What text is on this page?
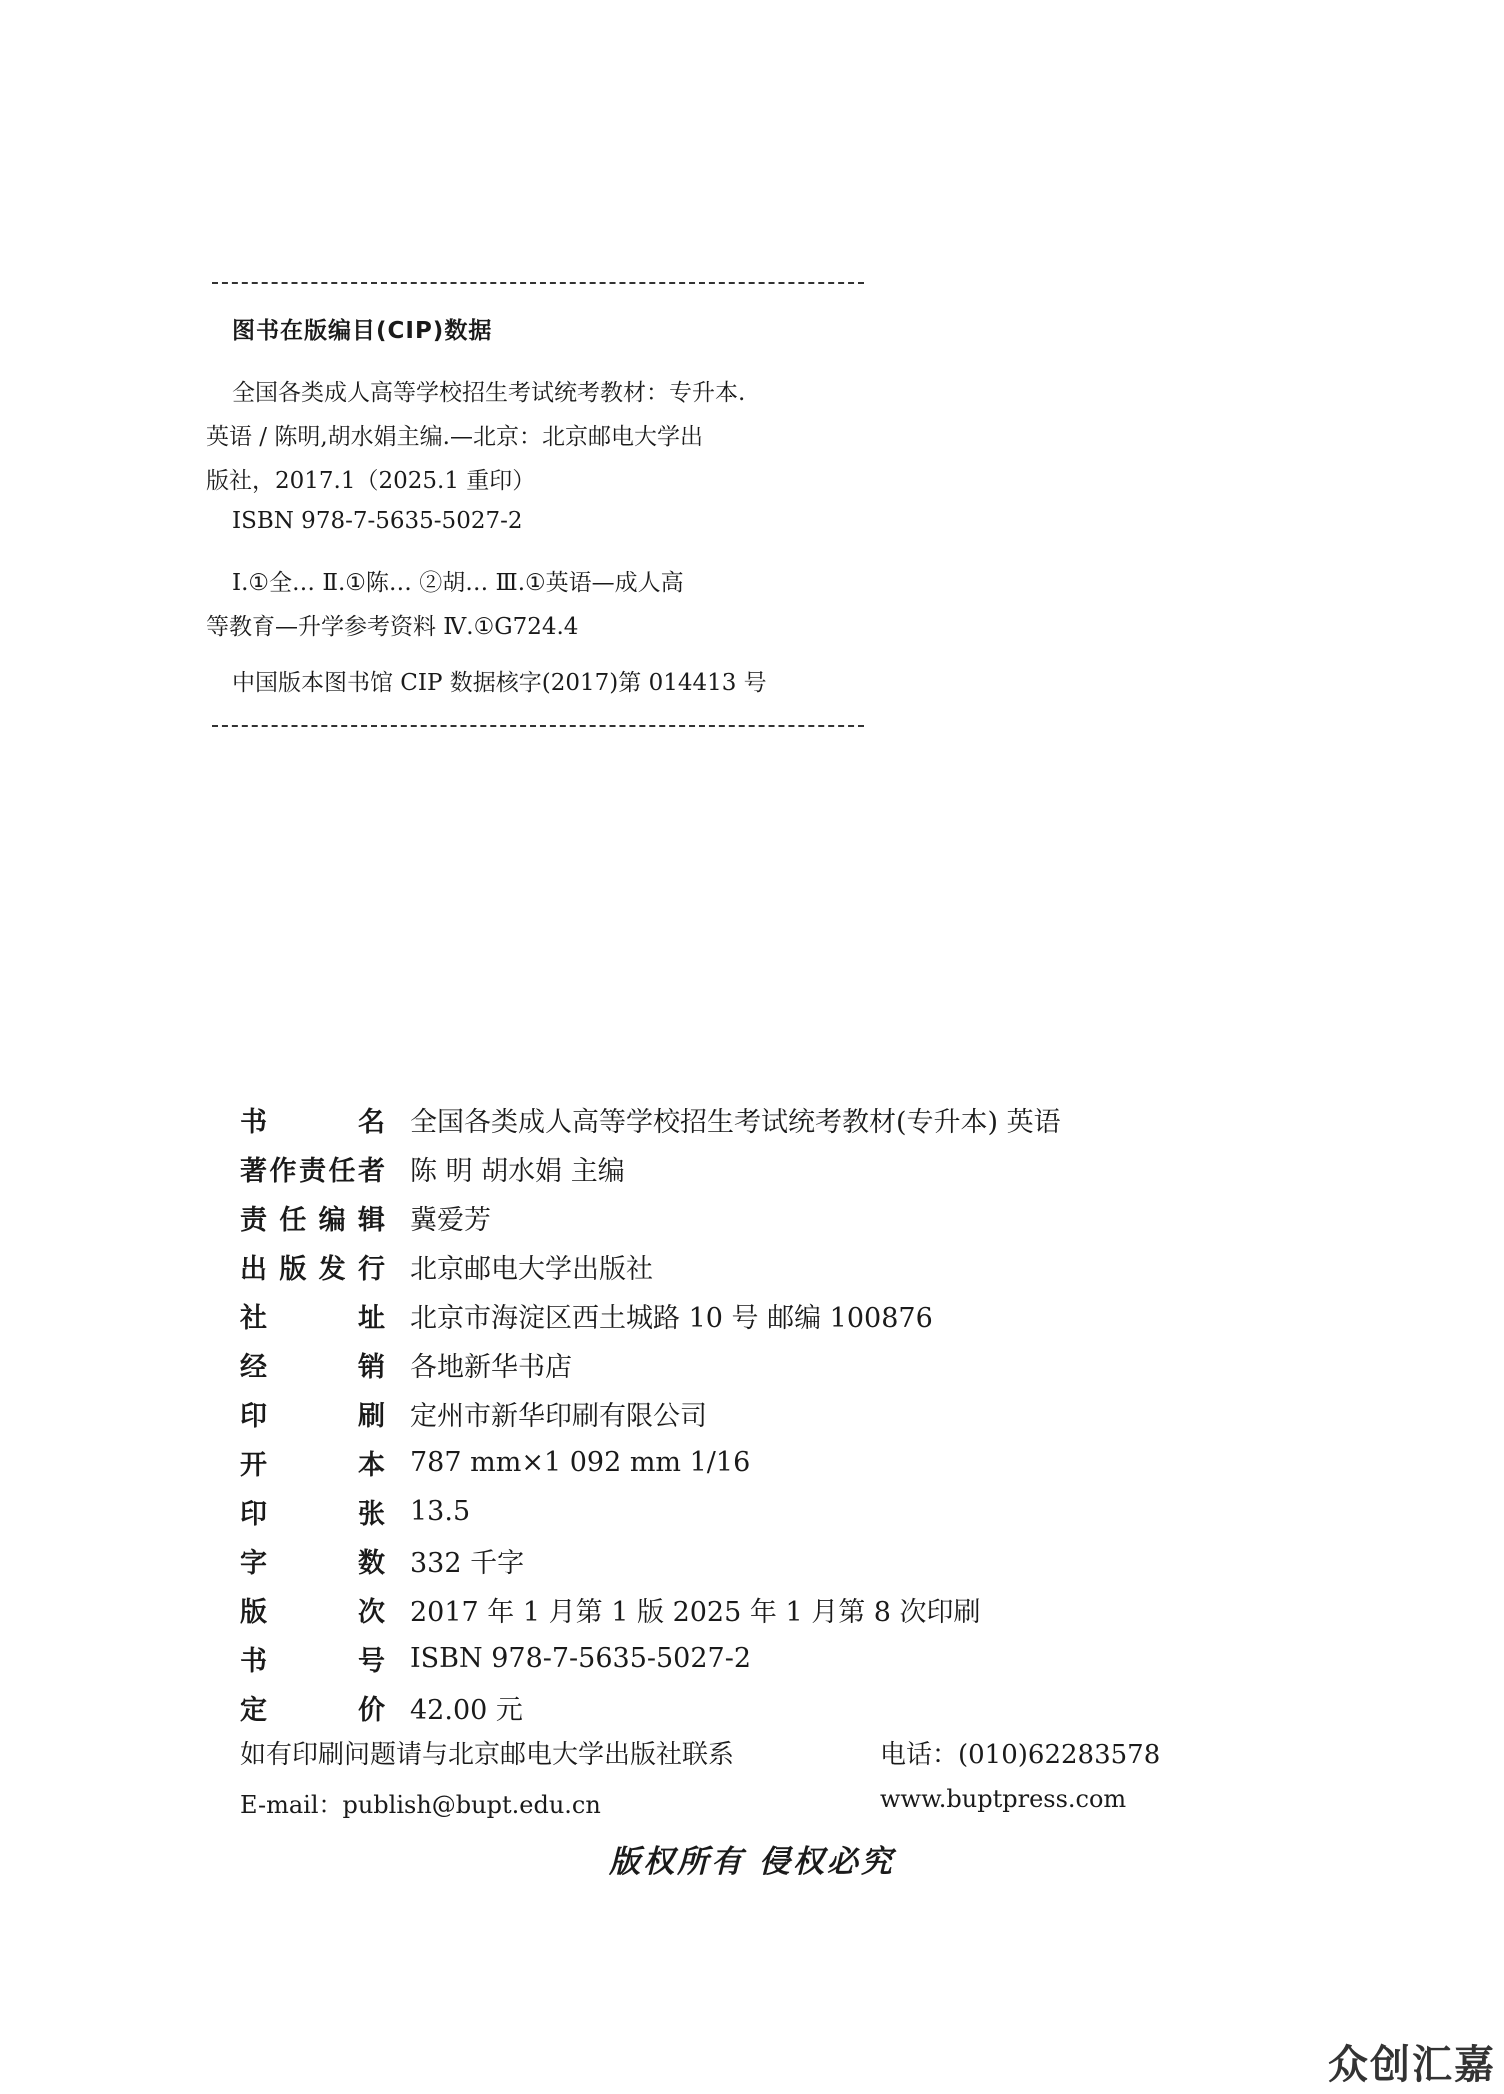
图书在版编目(CIP)数据
全国各类成人高等学校招生考试统考教材：专升本.
英语 / 陈明,胡水娟主编.—北京：北京邮电大学出
版社，2017.1（2025.1 重印）
ISBN 978-7-5635-5027-2
Ⅰ.①全… Ⅱ.①陈… ②胡… Ⅲ.①英语—成人高
等教育—升学参考资料 Ⅳ.①G724.4
中国版本图书馆 CIP 数据核字(2017)第 014413 号
书	名 全国各类成人高等学校招生考试统考教材(专升本) 英语
著 作 责 任 者 陈 明 胡水娟 主编
责 任 编 辑 冀爱芳
出 版 发 行 北京邮电大学出版社
社	址 北京市海淀区西土城路 10 号 邮编 100876
经	销 各地新华书店
印	刷 定州市新华印刷有限公司
开	本 787 mm×1 092 mm 1/16
印	张 13.5
字	数 332 千字
版	次 2017 年 1 月第 1 版 2025 年 1 月第 8 次印刷
书	号 ISBN 978-7-5635-5027-2
定	价 42.00 元
如有印刷问题请与北京邮电大学出版社联系	电话：(010)62283578
E-mail：publish@bupt.edu.cn	www.buptpress.com
版权所有 侵权必究
众创汇嘉
